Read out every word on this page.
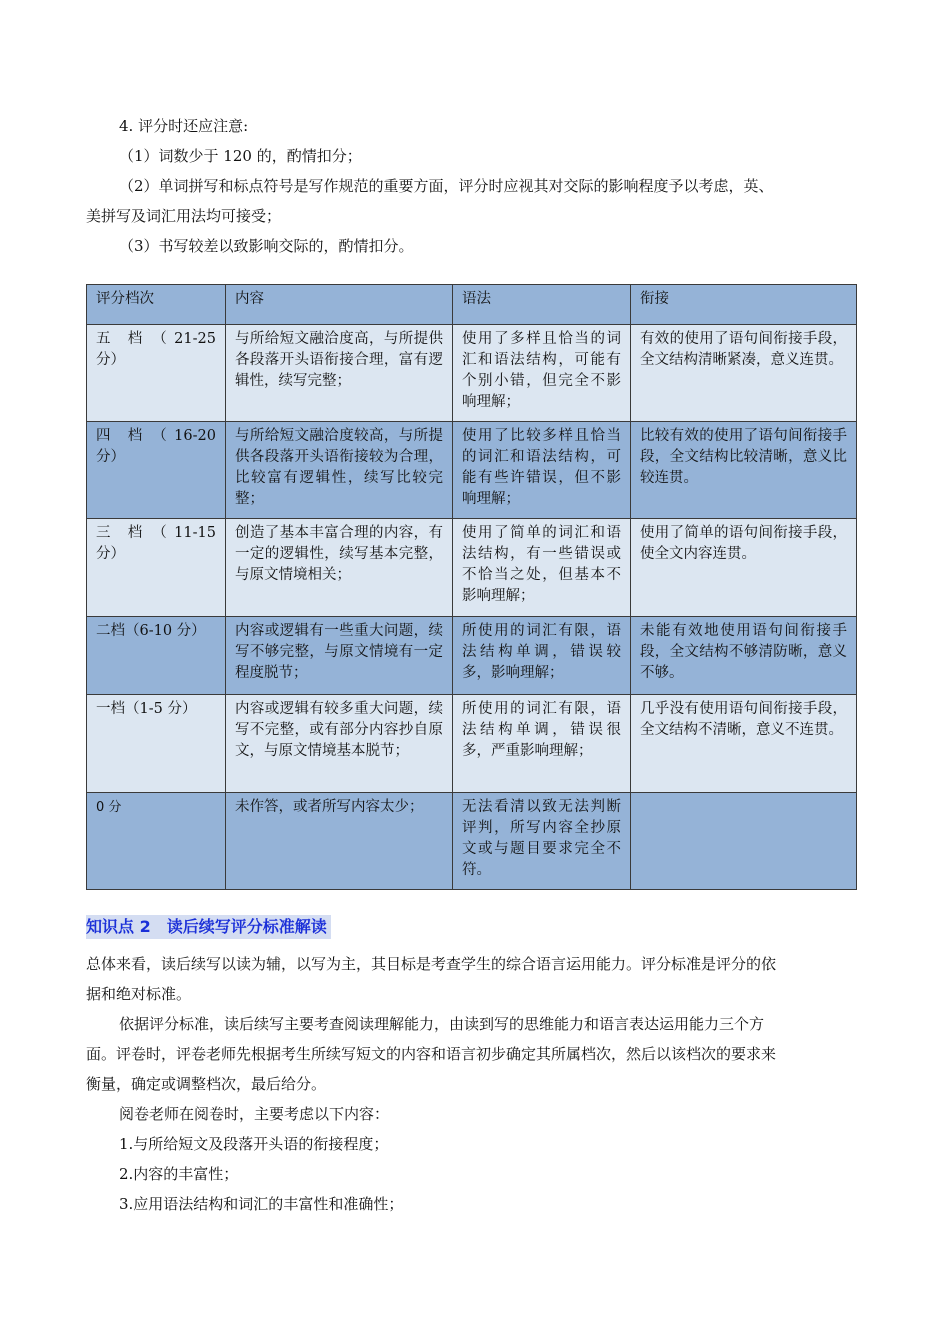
4. 评分时还应注意:

（1）词数少于 120 的，酌情扣分；

（2）单词拼写和标点符号是写作规范的重要方面，评分时应视其对交际的影响程度予以考虑，英、

美拼写及词汇用法均可接受；

（3）书写较差以致影响交际的，酌情扣分。

评分档次	内容	语法	衔接
五　档　（ 21-25 分）	与所给短文融洽度高，与所提供各段落开头语衔接合理，富有逻辑性，续写完整；	使用了多样且恰当的词汇和语法结构，可能有个别小错，但完全不影响理解；	有效的使用了语句间衔接手段，全文结构清晰紧凑，意义连贯。
四　档　（ 16-20 分）	与所给短文融洽度较高，与所提供各段落开头语衔接较为合理， 比较富有逻辑性，续写比较完整；	使用了比较多样且恰当的词汇和语法结构，可能有些许错误，但不影响理解；	比较有效的使用了语句间衔接手段，全文结构比较清晰，意义比较连贯。
三　档　（ 11-15 分）	创造了基本丰富合理的内容，有一定的逻辑性，续写基本完整，与原文情境相关；	使用了简单的词汇和语法结构，有一些错误或不恰当之处，但基本不影响理解；	使用了简单的语句间衔接手段，使全文内容连贯。
二档（6-10 分）	内容或逻辑有一些重大问题，续写不够完整，与原文情境有一定程度脱节；	所使用的词汇有限，语法结构单调，错误较多，影响理解；	未能有效地使用语句间衔接手段，全文结构不够清防晰，意义不够。
一档（1-5 分）	内容或逻辑有较多重大问题，续写不完整，或有部分内容抄自原文，与原文情境基本脱节；	所使用的词汇有限，语法结构单调，错误很多，严重影响理解；	几乎没有使用语句间衔接手段，全文结构不清晰，意义不连贯。
0 分	未作答，或者所写内容太少；	无法看清以致无法判断评判，所写内容全抄原文或与题目要求完全不符。	

知识点 2　读后续写评分标准解读

总体来看，读后续写以读为辅，以写为主，其目标是考查学生的综合语言运用能力。评分标准是评分的依

据和绝对标准。

依据评分标准，读后续写主要考查阅读理解能力，由读到写的思维能力和语言表达运用能力三个方

面。评卷时，评卷老师先根据考生所续写短文的内容和语言初步确定其所属档次，然后以该档次的要求来

衡量，确定或调整档次，最后给分。

阅卷老师在阅卷时，主要考虑以下内容：

1.与所给短文及段落开头语的衔接程度；

2.内容的丰富性；

3.应用语法结构和词汇的丰富性和准确性；
